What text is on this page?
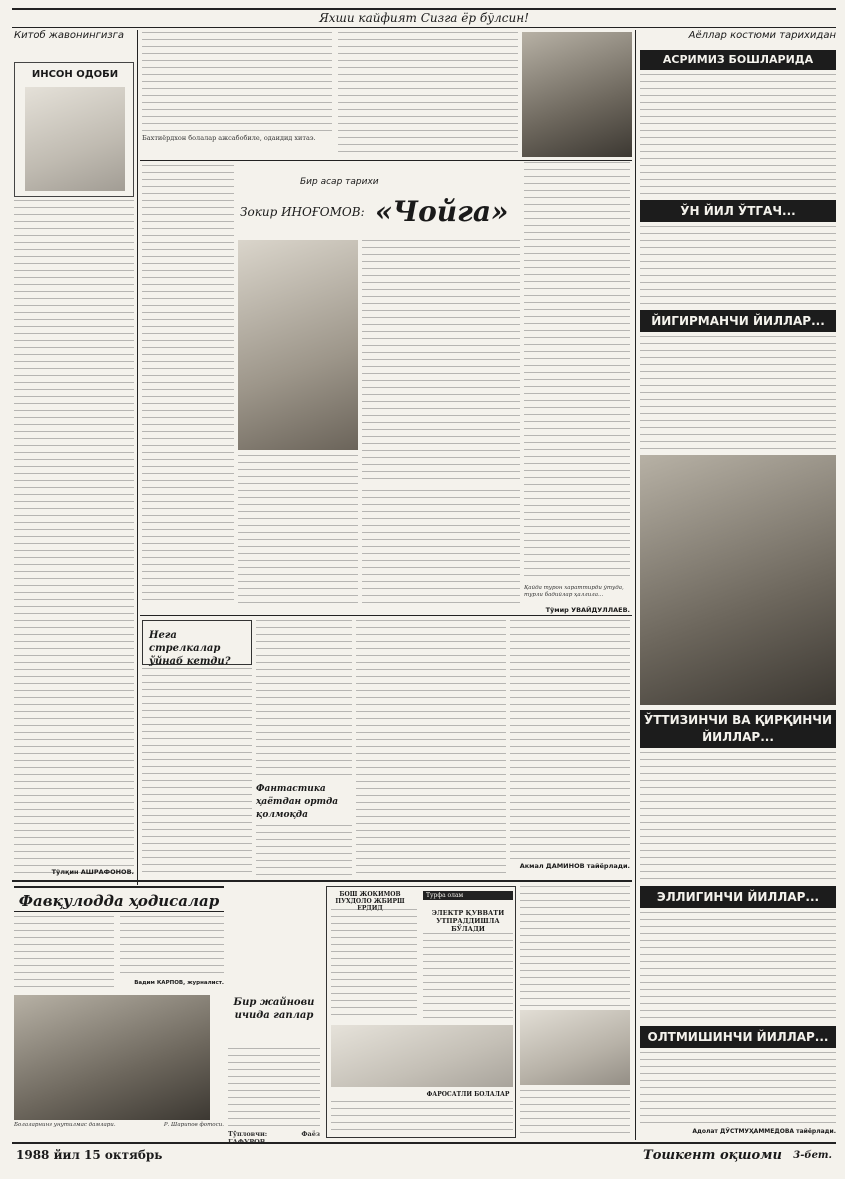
Яхши кайфият Сизга ёр бўлсин!
Китоб жавонингизга
ИНСОН ОДОБИ
Тўлқин АШРАФОНОВ.
Бахтиёрдхон болалар ажсабобиле, одаидид хитаэ.
Бир асар тарихи
Зокир ИНОҒОМОВ: «Чойга»
Қайда турон хараттирди ўтуда, турли бадийлар ҳаллила...
Тўмир УВАЙДУЛЛАЕВ.
Нега стрелкалар ўйнаб кетди?
Фантастика ҳаётдан ортда қолмоқда
Акмал ДАМИНОВ тайёрлади.
Фавқулодда ҳодисалар
Вадим КАРПОВ, журналист.
Болаларнинг унутилмас дамлари.	Р. Шарипов фотоси.
Бир жайнови ичида гаплар
Тўпловчи: Фаёз ГАФУРОВ.
БОШ ЖОКИМОВ ПУХДОЛО ЖБИРШ ЕРДИД
Турфа олам
ЭЛЕКТР ҚУВВАТИ УТПРАДДИШЛА БЎЛАДИ
ФАРОСАТЛИ БОЛАЛАР
Аёллар костюми тарихидан
АСРИМИЗ БОШЛАРИДА
ЎН ЙИЛ ЎТГАЧ...
ЙИГИРМАНЧИ ЙИЛЛАР...
ЎТТИЗИНЧИ ВА ҚИРҚИНЧИ ЙИЛЛАР...
ЭЛЛИГИНЧИ ЙИЛЛАР...
ОЛТМИШИНЧИ ЙИЛЛАР...
Адолат ДЎСТМУҲАММЕДОВА тайёрлади.
1988 йил 15 октябрь	Тошкент оқшоми 3-бет.
